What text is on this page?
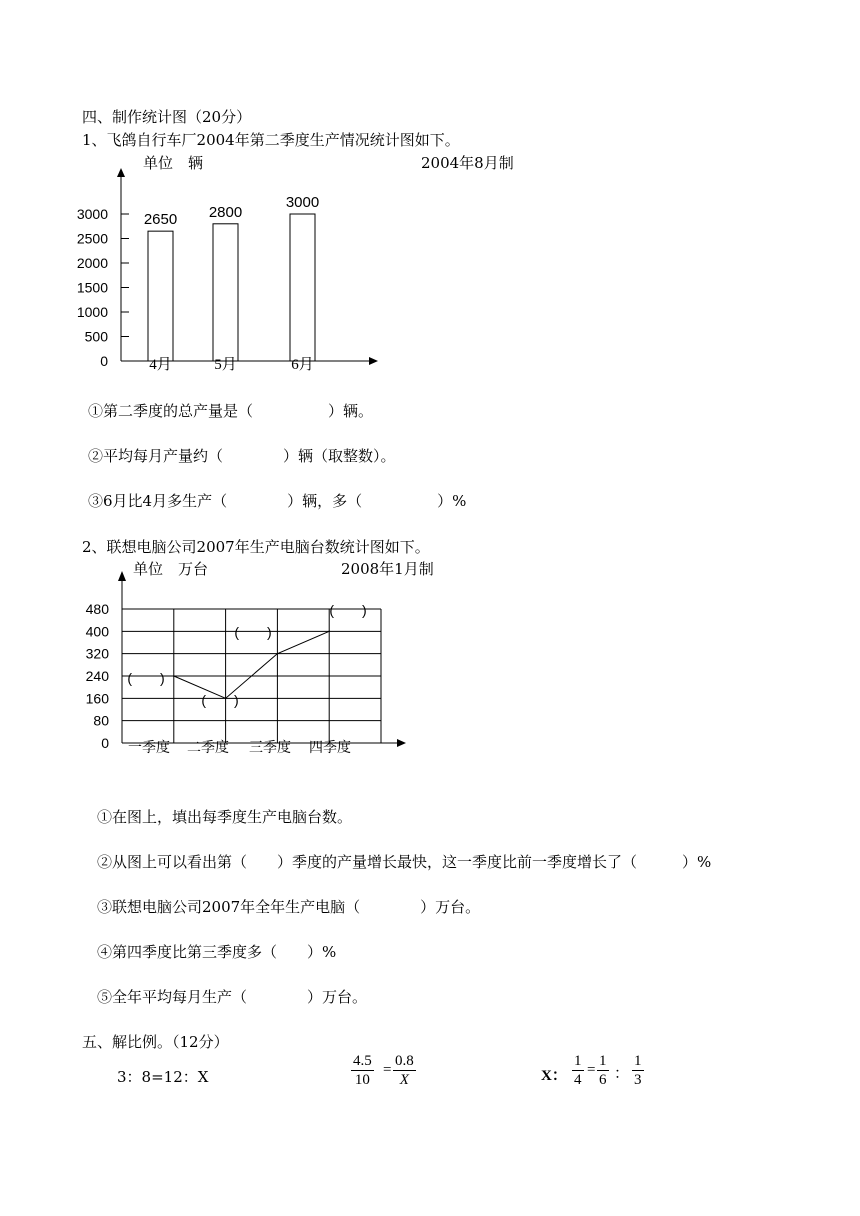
四、制作统计图（20分）
1、飞鸽自行车厂2004年第二季度生产情况统计图如下。
单位　辆	2004年8月制
0
500
1000
1500
2000
2500
3000 2650
4月
2800
5月
3000
6月
①第二季度的总产量是（　　　　　）辆。
②平均每月产量约（　　　　）辆（取整数）。
③6月比4月多生产（　　　　）辆，多（　　　　　）%
2、联想电脑公司2007年生产电脑台数统计图如下。
单位　万台	2008年1月制
0
80
160
240
320
400
480
(　　)
(　　)
(　　)
(　　)
一季度 二季度 三季度 四季度
①在图上，填出每季度生产电脑台数。
②从图上可以看出第（　　）季度的产量增长最快，这一季度比前一季度增长了（　　　）%
③联想电脑公司2007年全年生产电脑（　　　　）万台。
④第四季度比第三季度多（　　）%
⑤全年平均每月生产（　　　　）万台。
五、解比例。（12分）
3：8=12：X	$\frac{4.5}{10} = \frac{0.8}{X}$	X： $\frac{1}{4} = \frac{1}{6}$ ： $\frac{1}{3}$
